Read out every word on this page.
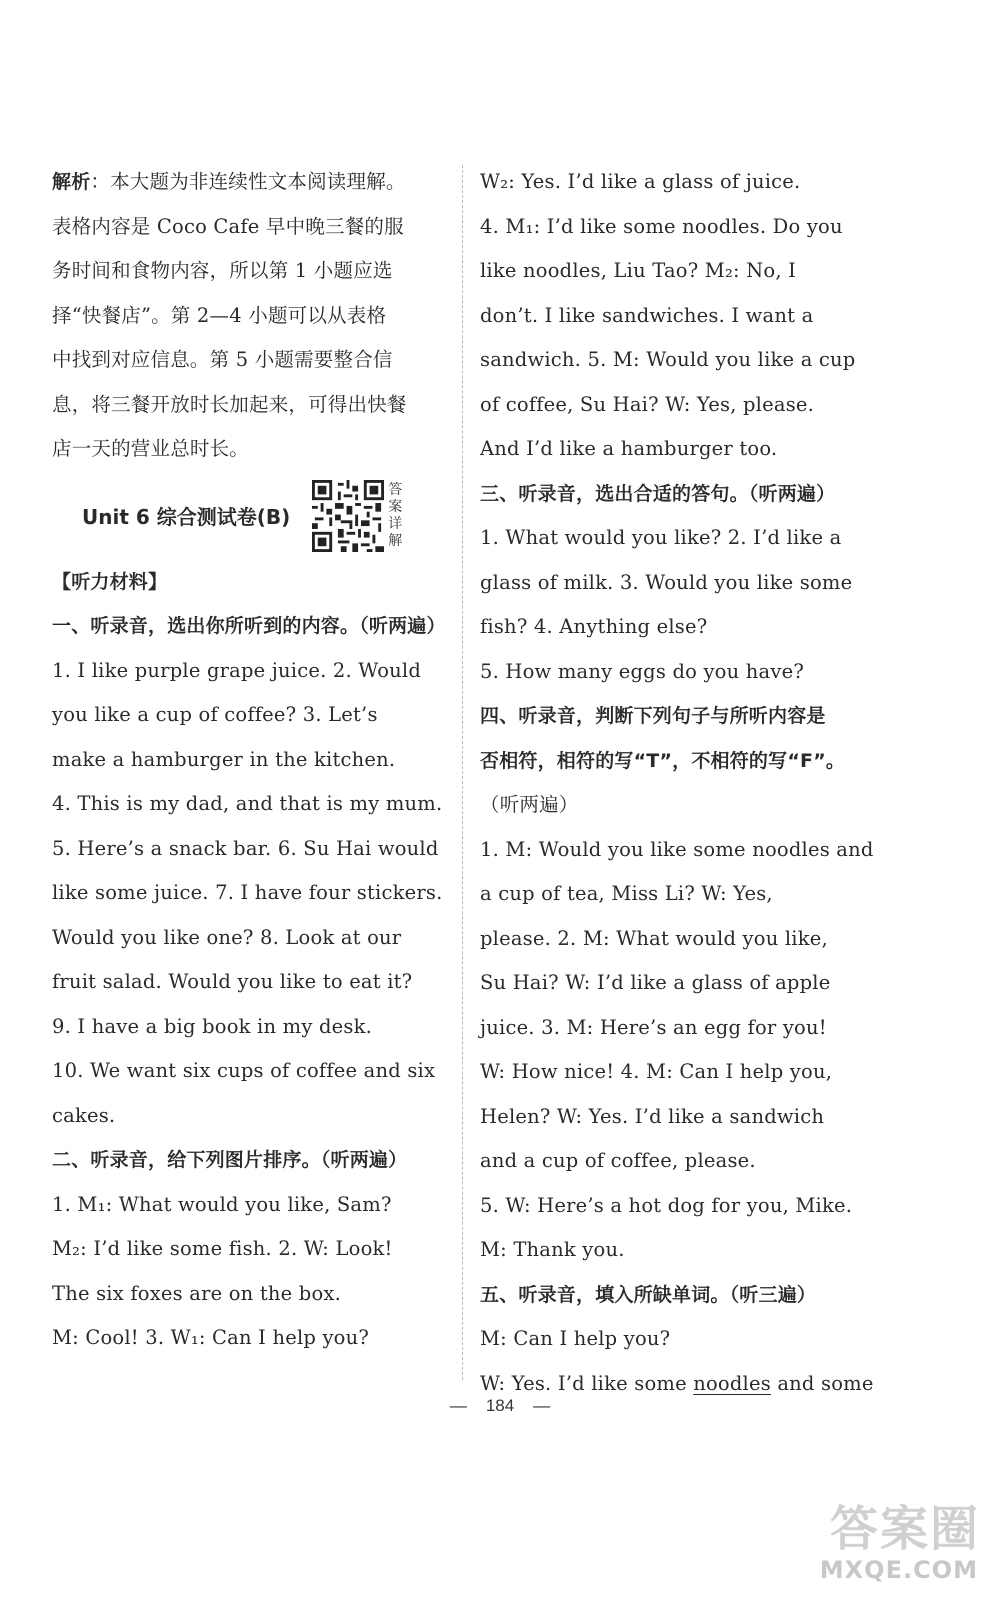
解析：本大题为非连续性文本阅读理解。

表格内容是 Coco Cafe 早中晚三餐的服

务时间和食物内容，所以第 1 小题应选

择“快餐店”。第 2—4 小题可以从表格

中找到对应信息。第 5 小题需要整合信

息，将三餐开放时长加起来，可得出快餐

店一天的营业总时长。

Unit 6 综合测试卷(B)
答案详解

【听力材料】

一、听录音，选出你所听到的内容。（听两遍）

1. I like purple grape juice. 2. Would

you like a cup of coffee? 3. Let’s

make a hamburger in the kitchen.

4. This is my dad, and that is my mum.

5. Here’s a snack bar. 6. Su Hai would

like some juice. 7. I have four stickers.

Would you like one? 8. Look at our

fruit salad. Would you like to eat it?

9. I have a big book in my desk.

10. We want six cups of coffee and six

cakes.

二、听录音，给下列图片排序。（听两遍）

1. M₁: What would you like, Sam?

M₂: I’d like some fish. 2. W: Look!

The six foxes are on the box.

M: Cool! 3. W₁: Can I help you?

W₂: Yes. I’d like a glass of juice.

4. M₁: I’d like some noodles. Do you

like noodles, Liu Tao? M₂: No, I

don’t. I like sandwiches. I want a

sandwich. 5. M: Would you like a cup

of coffee, Su Hai? W: Yes, please.

And I’d like a hamburger too.

三、听录音，选出合适的答句。（听两遍）

1. What would you like? 2. I’d like a

glass of milk. 3. Would you like some

fish? 4. Anything else?

5. How many eggs do you have?

四、听录音，判断下列句子与所听内容是

否相符，相符的写“T”，不相符的写“F”。

（听两遍）

1. M: Would you like some noodles and

a cup of tea, Miss Li? W: Yes,

please. 2. M: What would you like,

Su Hai? W: I’d like a glass of apple

juice. 3. M: Here’s an egg for you!

W: How nice! 4. M: Can I help you,

Helen? W: Yes. I’d like a sandwich

and a cup of coffee, please.

5. W: Here’s a hot dog for you, Mike.

M: Thank you.

五、听录音，填入所缺单词。（听三遍）

M: Can I help you?

W: Yes. I’d like some noodles and some

— 184 —
答案圈
MXQE.COM
